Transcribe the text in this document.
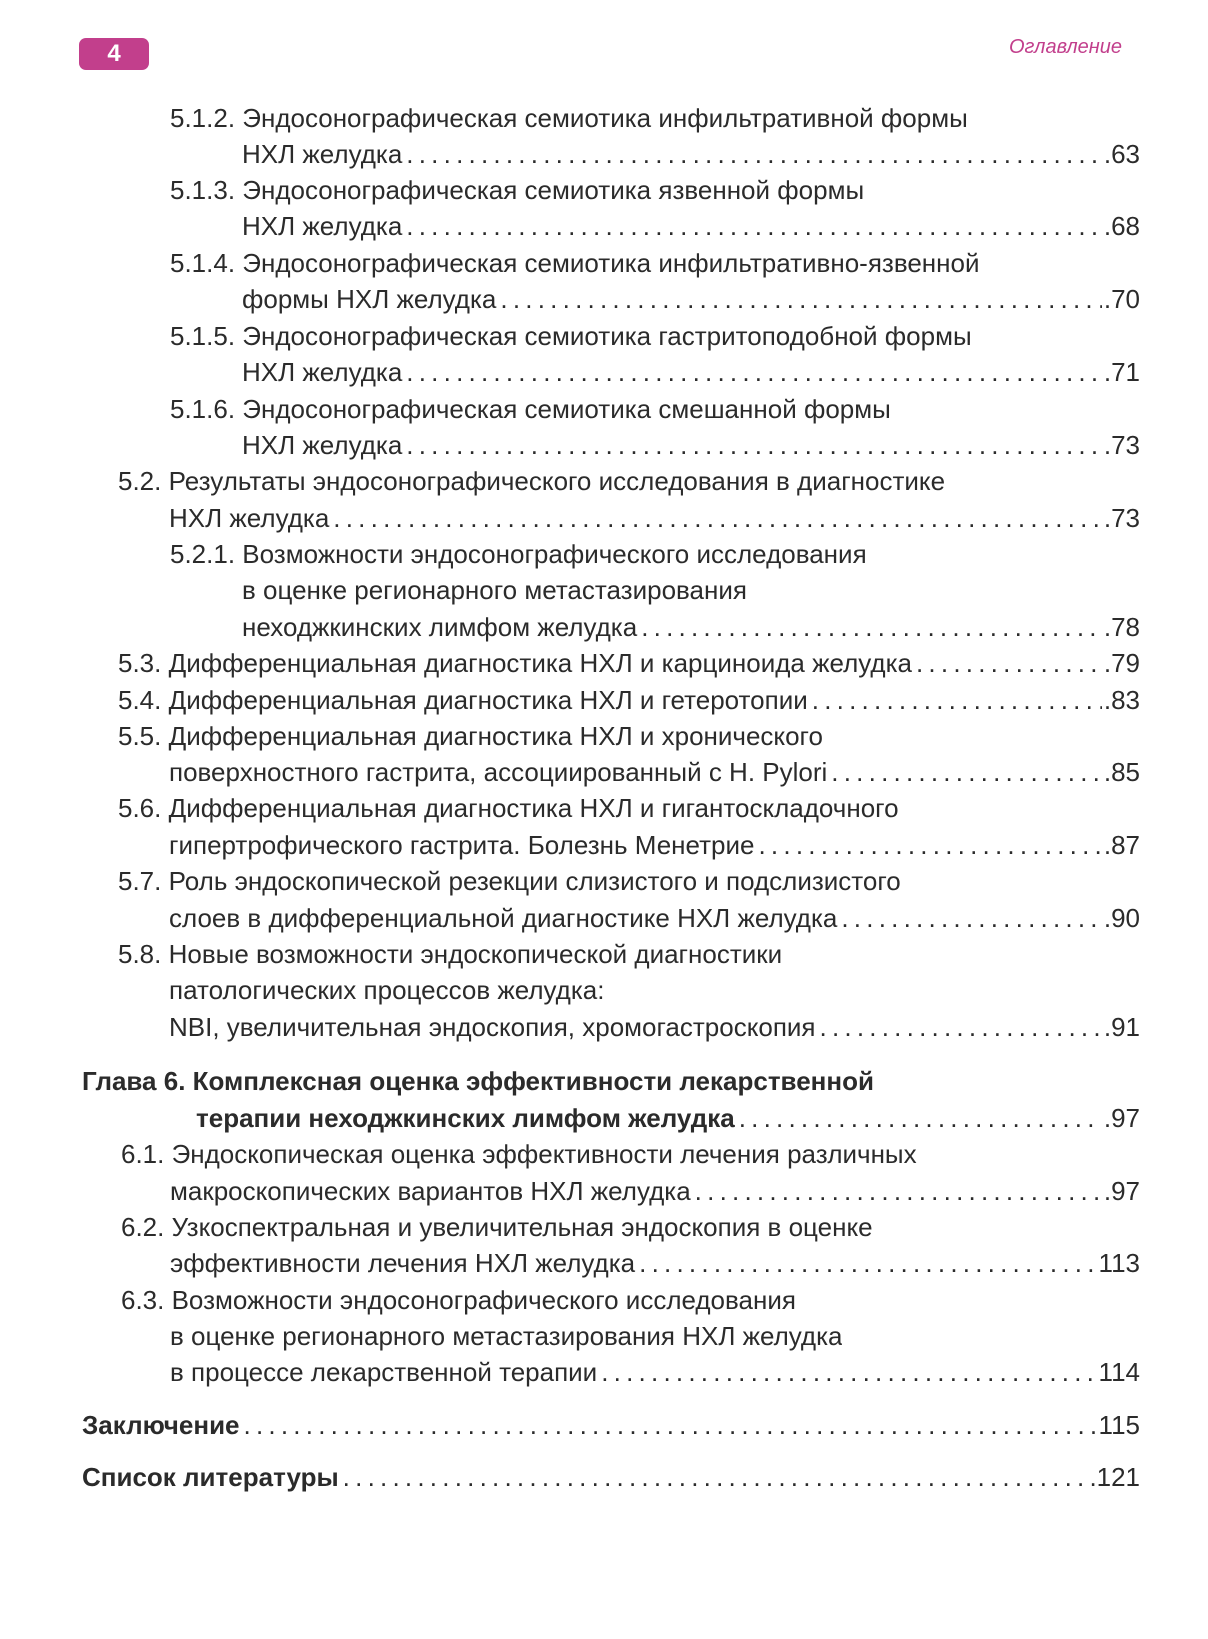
4	Оглавление
5.1.2. Эндосонографическая семиотика инфильтративной формы
НХЛ желудка . . .	.63
5.1.3. Эндосонографическая семиотика язвенной формы
НХЛ желудка . . .	.68
5.1.4. Эндосонографическая семиотика инфильтративно-язвенной
формы НХЛ желудка . . .	.70
5.1.5. Эндосонографическая семиотика гастритоподобной формы
НХЛ желудка . . .	.71
5.1.6. Эндосонографическая семиотика смешанной формы
НХЛ желудка . . .	.73
5.2. Результаты эндосонографического исследования в диагностике
НХЛ желудка . . .	.73
5.2.1. Возможности эндосонографического исследования
в оценке регионарного метастазирования
неходжкинских лимфом желудка . . .	.78
5.3. Дифференциальная диагностика НХЛ и карциноида желудка . . .	.79
5.4. Дифференциальная диагностика НХЛ и гетеротопии . . .	.83
5.5. Дифференциальная диагностика НХЛ и хронического
поверхностного гастрита, ассоциированный с H. Pylori . . .	.85
5.6. Дифференциальная диагностика НХЛ и гигантоскладочного
гипертрофического гастрита. Болезнь Менетрие . . .	.87
5.7. Роль эндоскопической резекции слизистого и подслизистого
слоев в дифференциальной диагностике НХЛ желудка . . .	.90
5.8. Новые возможности эндоскопической диагностики
патологических процессов желудка:
NBI, увеличительная эндоскопия, хромогастроскопия . . .	.91
Глава 6. Комплексная оценка эффективности лекарственной
терапии неходжкинских лимфом желудка . . .	.97
6.1. Эндоскопическая оценка эффективности лечения различных
макроскопических вариантов НХЛ желудка . . .	.97
6.2. Узкоспектральная и увеличительная эндоскопия в оценке
эффективности лечения НХЛ желудка . . .	113
6.3. Возможности эндосонографического исследования
в оценке регионарного метастазирования НХЛ желудка
в процессе лекарственной терапии . . .	114
Заключение . . .	115
Список литературы . . .	121
